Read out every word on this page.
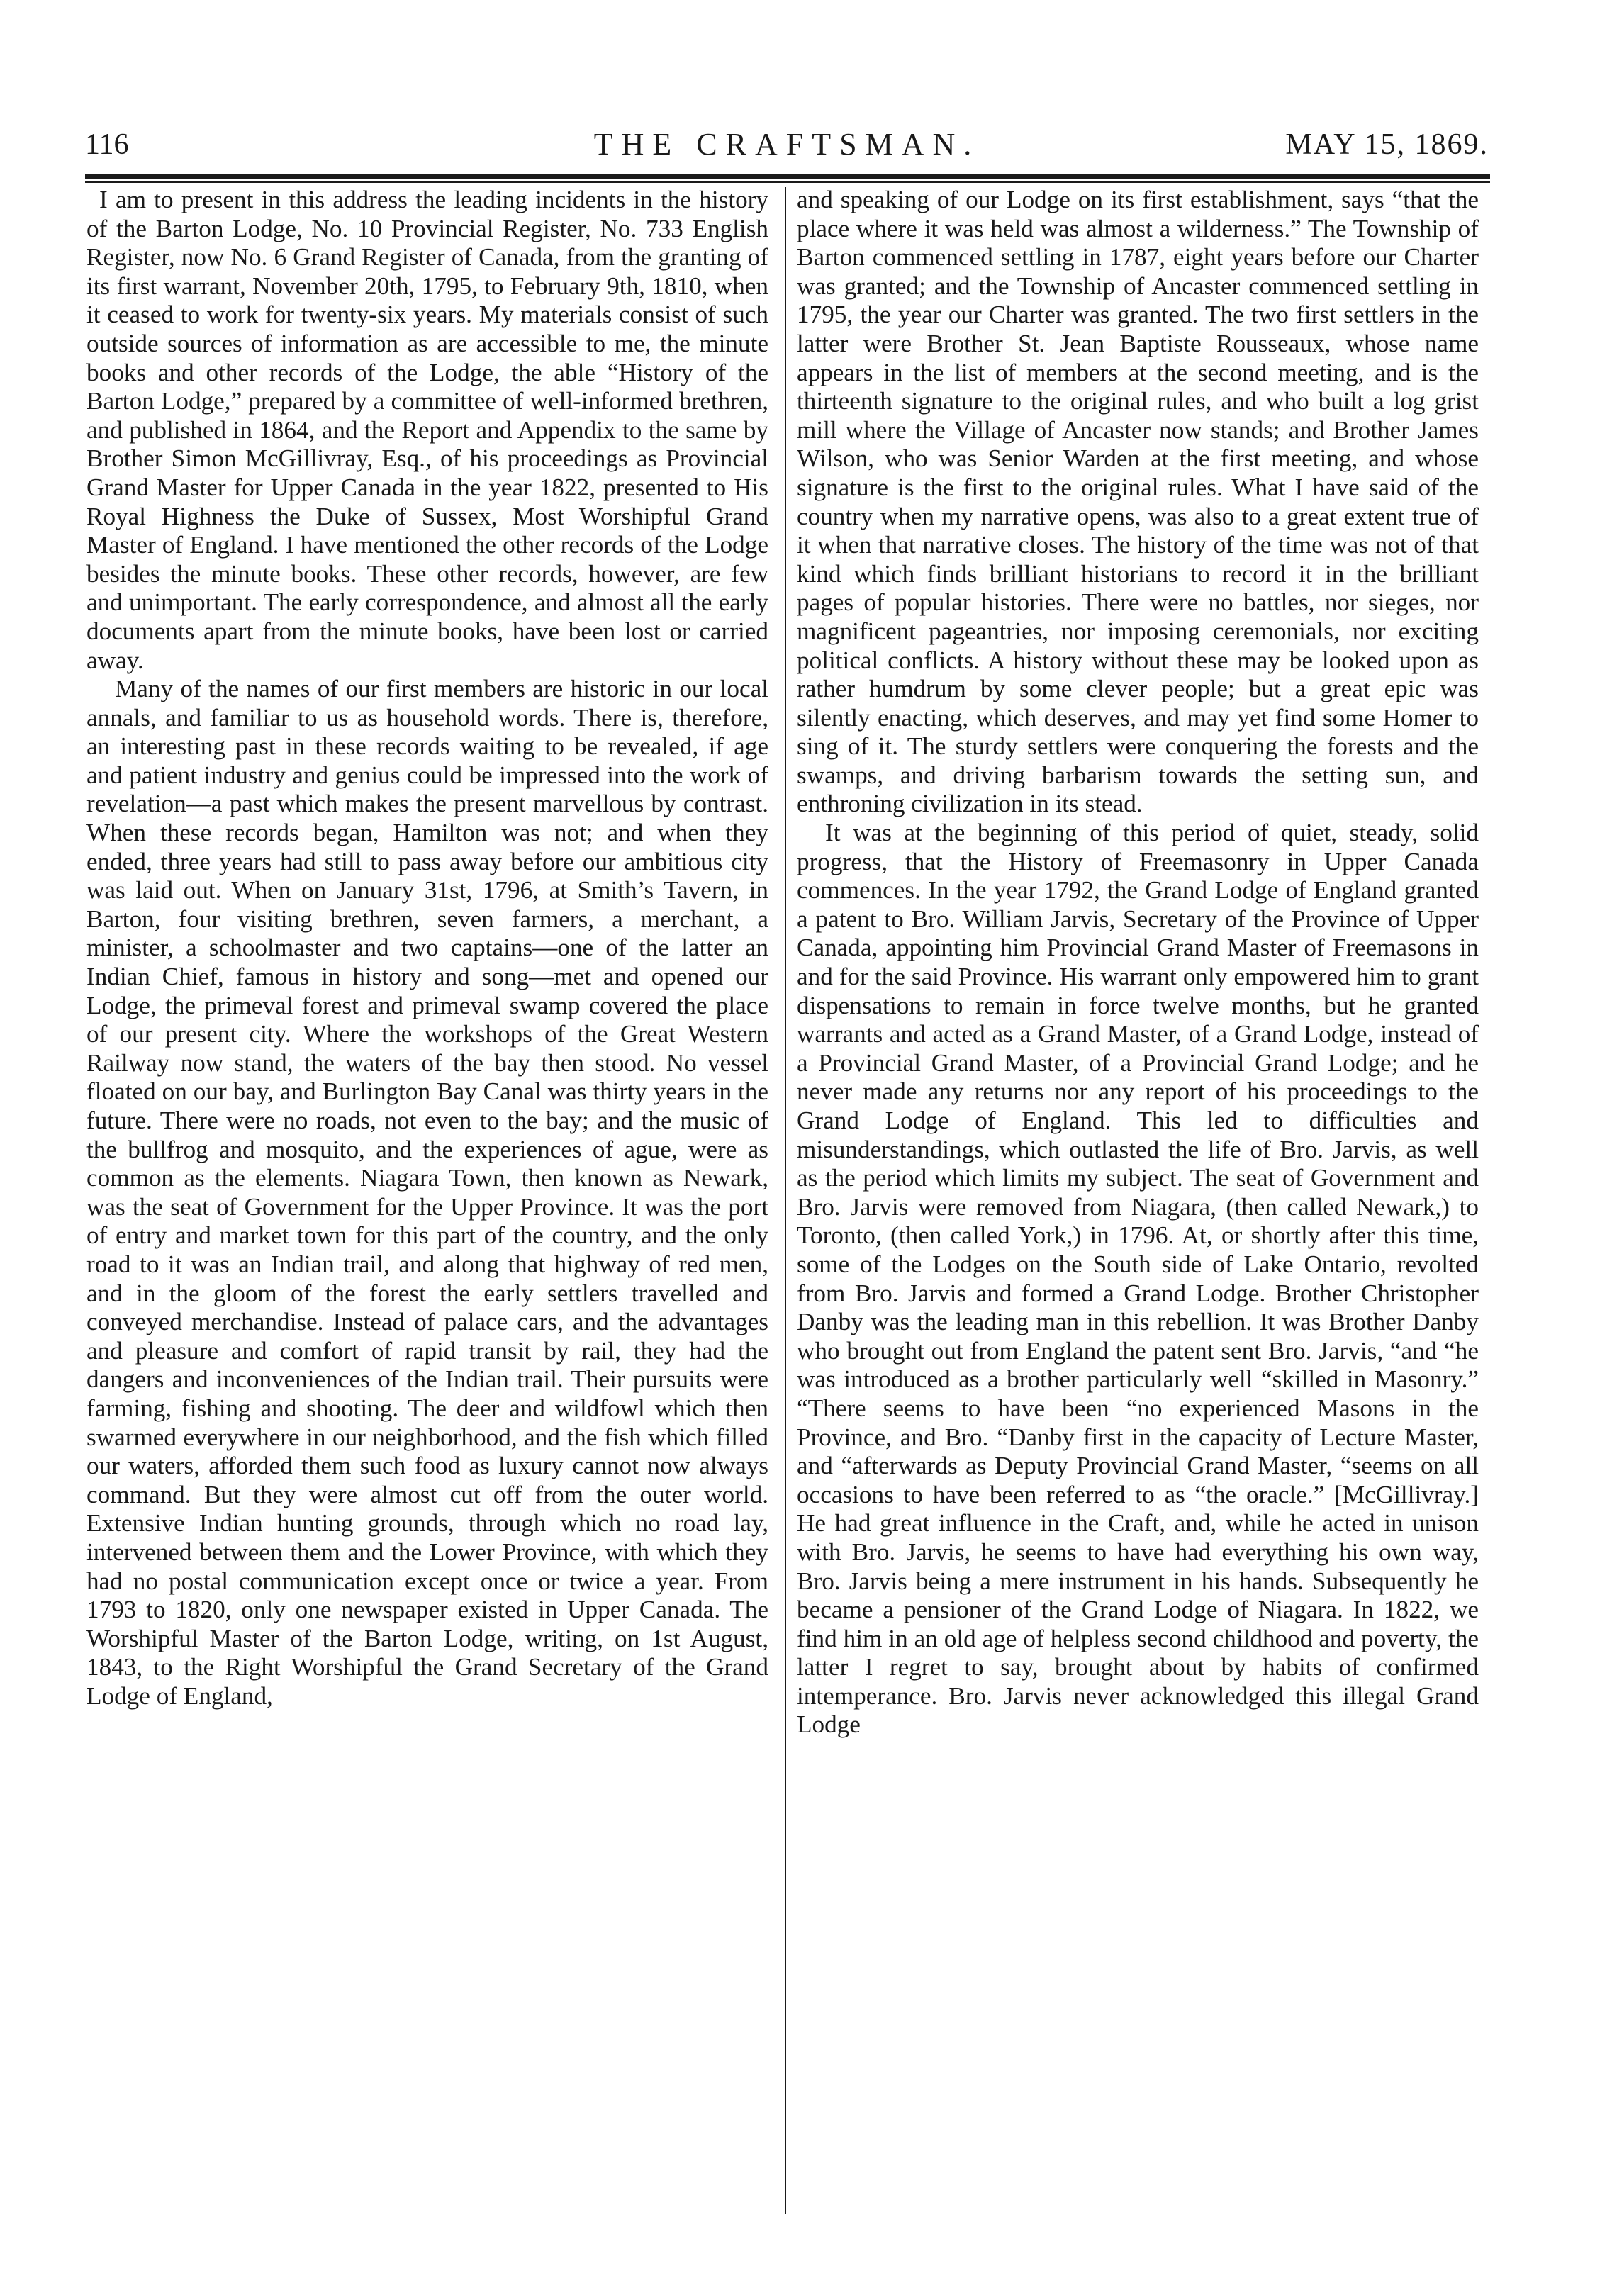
116	THE CRAFTSMAN.	MAY 15, 1869.

I am to present in this address the leading incidents in the history of the Barton Lodge, No. 10 Provincial Register, No. 733 English Register, now No. 6 Grand Register of Canada, from the granting of its first warrant, November 20th, 1795, to February 9th, 1810, when it ceased to work for twenty-six years. My materials consist of such outside sources of information as are accessible to me, the minute books and other records of the Lodge, the able “History of the Barton Lodge,” prepared by a committee of well-informed brethren, and published in 1864, and the Report and Appendix to the same by Brother Simon McGillivray, Esq., of his proceedings as Provincial Grand Master for Upper Canada in the year 1822, presented to His Royal Highness the Duke of Sussex, Most Worshipful Grand Master of England. I have mentioned the other records of the Lodge besides the minute books. These other records, however, are few and unimportant. The early correspondence, and almost all the early documents apart from the minute books, have been lost or carried away.

Many of the names of our first members are historic in our local annals, and familiar to us as household words. There is, therefore, an interesting past in these records waiting to be revealed, if age and patient industry and genius could be impressed into the work of revelation—a past which makes the present marvellous by contrast. When these records began, Hamilton was not; and when they ended, three years had still to pass away before our ambitious city was laid out. When on January 31st, 1796, at Smith’s Tavern, in Barton, four visiting brethren, seven farmers, a merchant, a minister, a schoolmaster and two captains—one of the latter an Indian Chief, famous in history and song—met and opened our Lodge, the primeval forest and primeval swamp covered the place of our present city. Where the workshops of the Great Western Railway now stand, the waters of the bay then stood. No vessel floated on our bay, and Burlington Bay Canal was thirty years in the future. There were no roads, not even to the bay; and the music of the bullfrog and mosquito, and the experiences of ague, were as common as the elements. Niagara Town, then known as Newark, was the seat of Government for the Upper Province. It was the port of entry and market town for this part of the country, and the only road to it was an Indian trail, and along that highway of red men, and in the gloom of the forest the early settlers travelled and conveyed merchandise. Instead of palace cars, and the advantages and pleasure and comfort of rapid transit by rail, they had the dangers and inconveniences of the Indian trail. Their pursuits were farming, fishing and shooting. The deer and wildfowl which then swarmed everywhere in our neighborhood, and the fish which filled our waters, afforded them such food as luxury cannot now always command. But they were almost cut off from the outer world. Extensive Indian hunting grounds, through which no road lay, intervened between them and the Lower Province, with which they had no postal communication except once or twice a year. From 1793 to 1820, only one newspaper existed in Upper Canada. The Worshipful Master of the Barton Lodge, writing, on 1st August, 1843, to the Right Worshipful the Grand Secretary of the Grand Lodge of England,

and speaking of our Lodge on its first establishment, says “that the place where it was held was almost a wilderness.” The Township of Barton commenced settling in 1787, eight years before our Charter was granted; and the Township of Ancaster commenced settling in 1795, the year our Charter was granted. The two first settlers in the latter were Brother St. Jean Baptiste Rousseaux, whose name appears in the list of members at the second meeting, and is the thirteenth signature to the original rules, and who built a log grist mill where the Village of Ancaster now stands; and Brother James Wilson, who was Senior Warden at the first meeting, and whose signature is the first to the original rules. What I have said of the country when my narrative opens, was also to a great extent true of it when that narrative closes. The history of the time was not of that kind which finds brilliant historians to record it in the brilliant pages of popular histories. There were no battles, nor sieges, nor magnificent pageantries, nor imposing ceremonials, nor exciting political conflicts. A history without these may be looked upon as rather humdrum by some clever people; but a great epic was silently enacting, which deserves, and may yet find some Homer to sing of it. The sturdy settlers were conquering the forests and the swamps, and driving barbarism towards the setting sun, and enthroning civilization in its stead.

It was at the beginning of this period of quiet, steady, solid progress, that the History of Freemasonry in Upper Canada commences. In the year 1792, the Grand Lodge of England granted a patent to Bro. William Jarvis, Secretary of the Province of Upper Canada, appointing him Provincial Grand Master of Freemasons in and for the said Province. His warrant only empowered him to grant dispensations to remain in force twelve months, but he granted warrants and acted as a Grand Master, of a Grand Lodge, instead of a Provincial Grand Master, of a Provincial Grand Lodge; and he never made any returns nor any report of his proceedings to the Grand Lodge of England. This led to difficulties and misunderstandings, which outlasted the life of Bro. Jarvis, as well as the period which limits my subject. The seat of Government and Bro. Jarvis were removed from Niagara, (then called Newark,) to Toronto, (then called York,) in 1796. At, or shortly after this time, some of the Lodges on the South side of Lake Ontario, revolted from Bro. Jarvis and formed a Grand Lodge. Brother Christopher Danby was the leading man in this rebellion. It was Brother Danby who brought out from England the patent sent Bro. Jarvis, “and “he was introduced as a brother particularly well “skilled in Masonry.” “There seems to have been “no experienced Masons in the Province, and Bro. “Danby first in the capacity of Lecture Master, and “afterwards as Deputy Provincial Grand Master, “seems on all occasions to have been referred to as “the oracle.” [McGillivray.] He had great influence in the Craft, and, while he acted in unison with Bro. Jarvis, he seems to have had everything his own way, Bro. Jarvis being a mere instrument in his hands. Subsequently he became a pensioner of the Grand Lodge of Niagara. In 1822, we find him in an old age of helpless second childhood and poverty, the latter I regret to say, brought about by habits of confirmed intemperance. Bro. Jarvis never acknowledged this illegal Grand Lodge
